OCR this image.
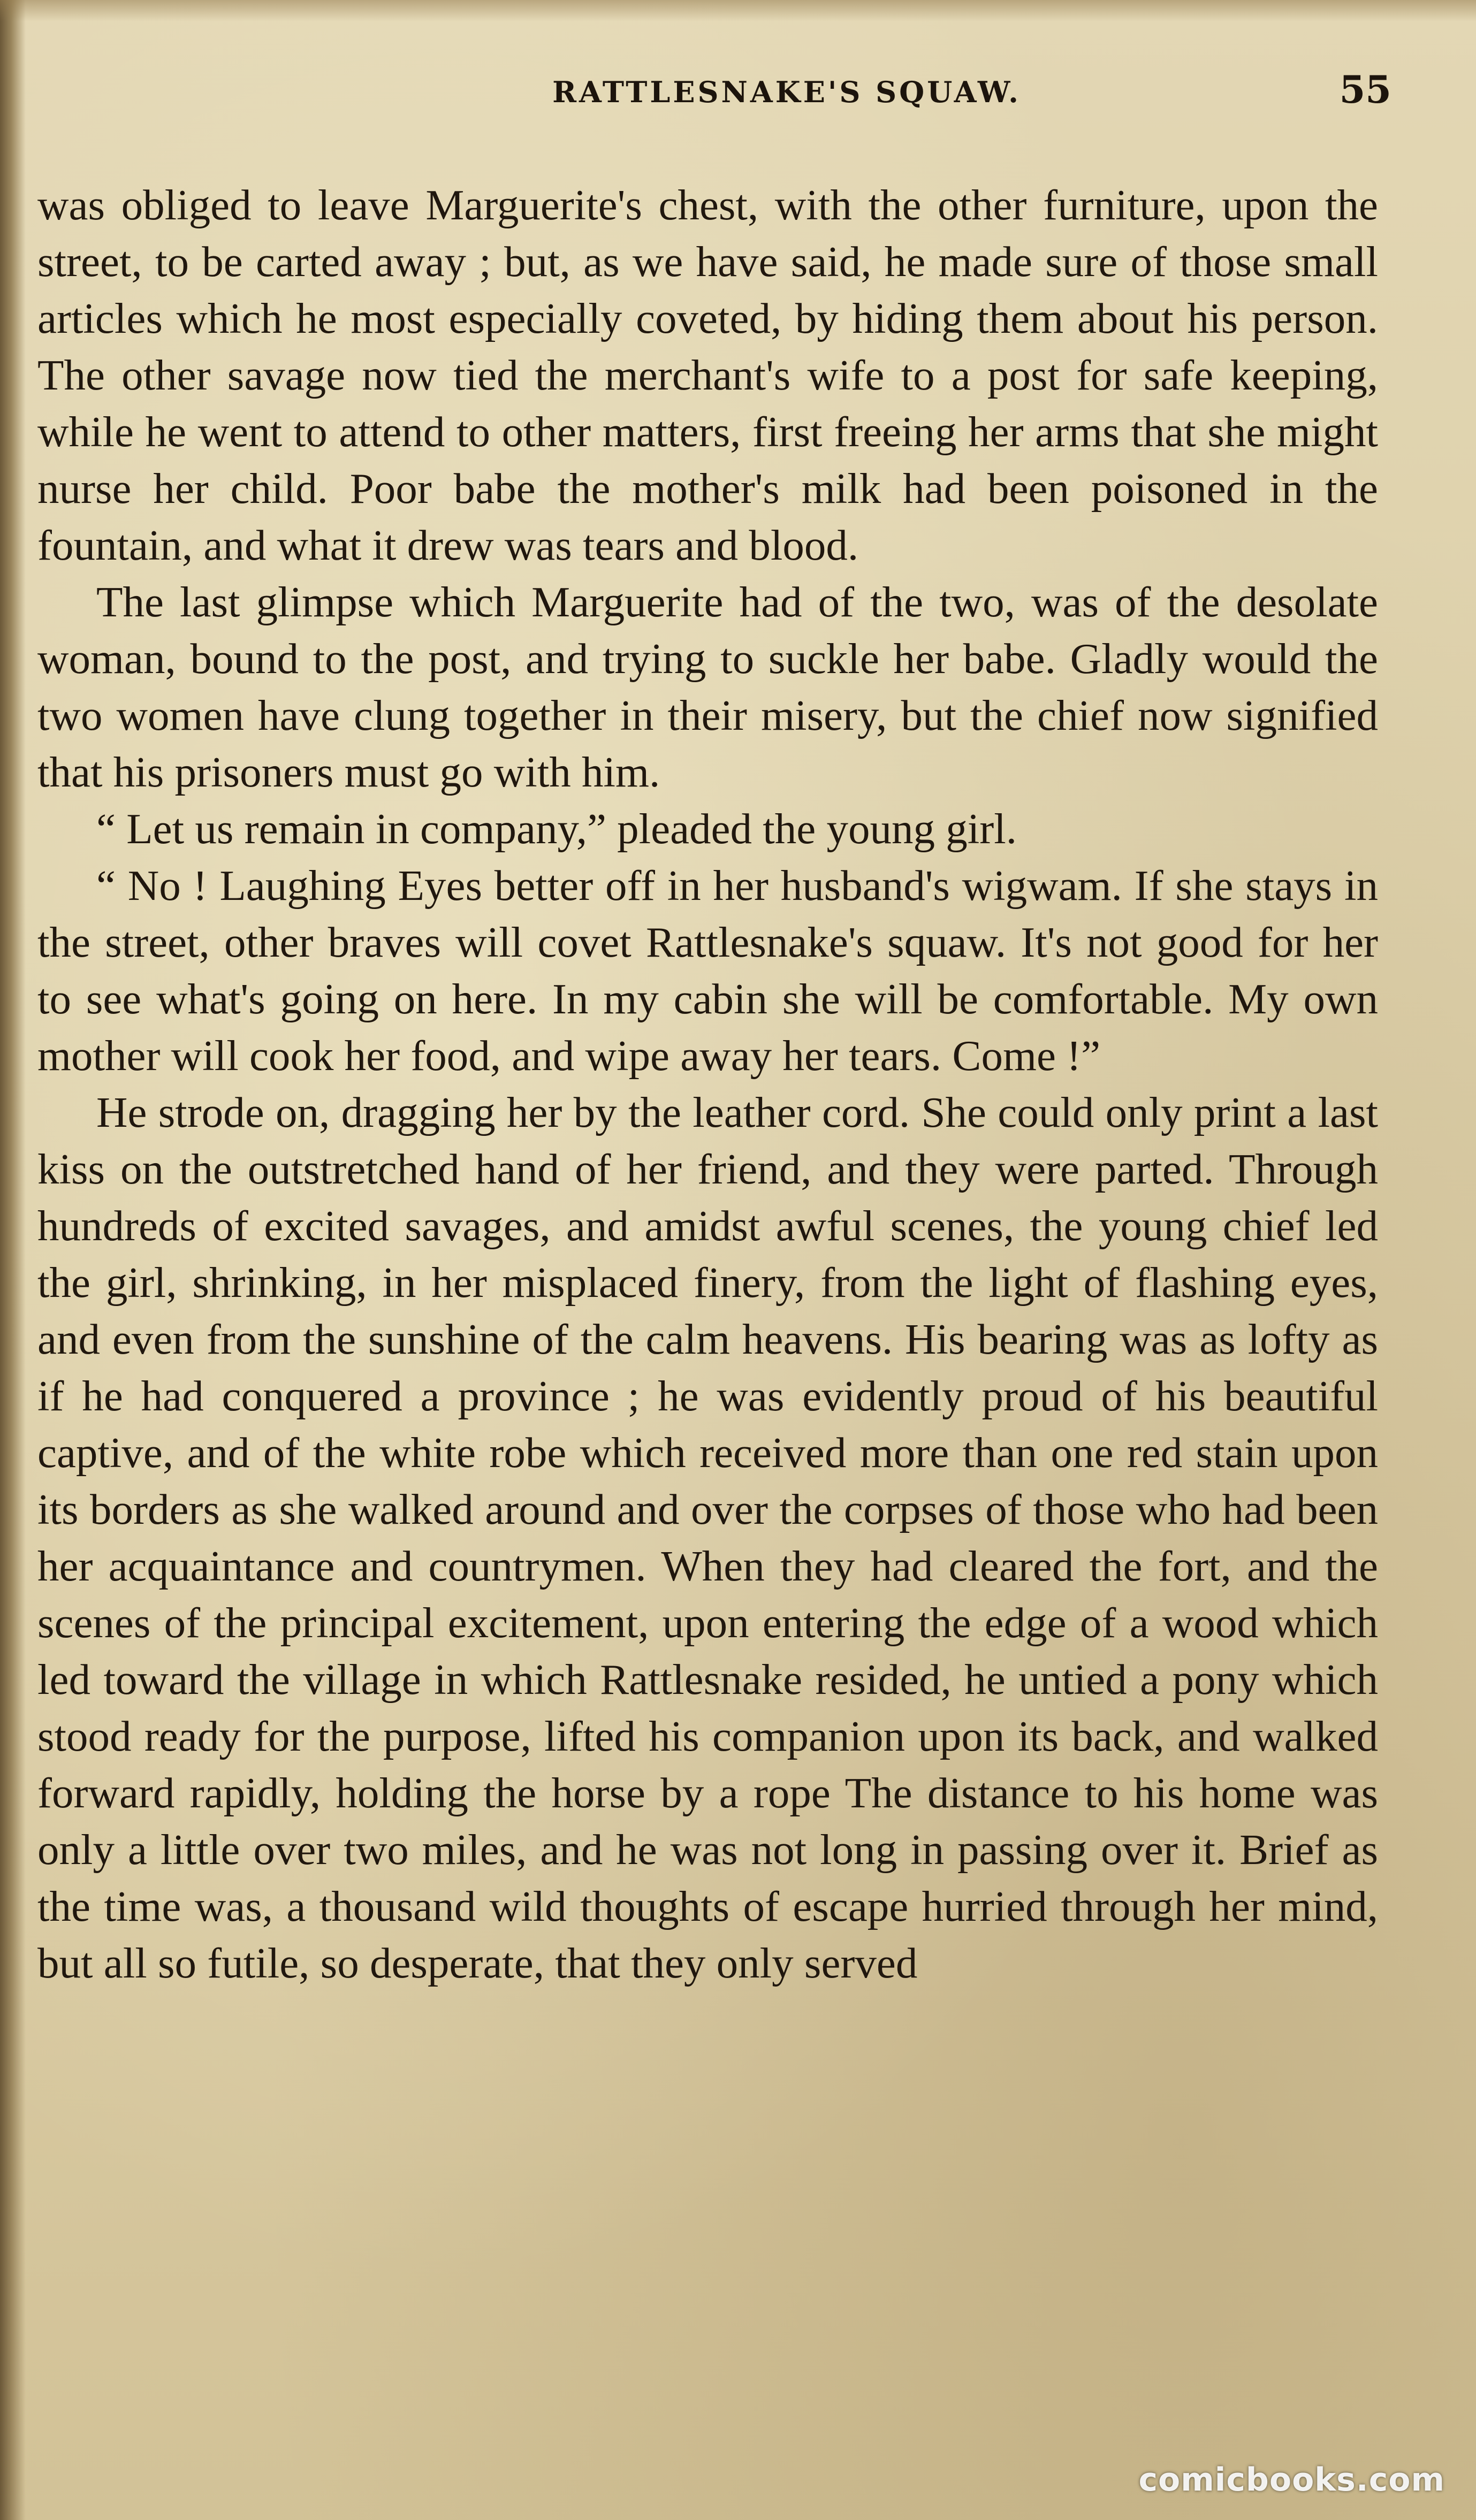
RATTLESNAKE'S SQUAW.	55

was obliged to leave Marguerite's chest, with the other furniture, upon the street, to be carted away ; but, as we have said, he made sure of those small articles which he most especially coveted, by hiding them about his person. The other savage now tied the merchant's wife to a post for safe keeping, while he went to attend to other matters, first freeing her arms that she might nurse her child. Poor babe the mother's milk had been poisoned in the fountain, and what it drew was tears and blood.

The last glimpse which Marguerite had of the two, was of the desolate woman, bound to the post, and trying to suckle her babe. Gladly would the two women have clung together in their misery, but the chief now signified that his prisoners must go with him.

“ Let us remain in company,” pleaded the young girl.

“ No ! Laughing Eyes better off in her husband's wigwam. If she stays in the street, other braves will covet Rattlesnake's squaw. It's not good for her to see what's going on here. In my cabin she will be comfortable. My own mother will cook her food, and wipe away her tears. Come !”

He strode on, dragging her by the leather cord. She could only print a last kiss on the outstretched hand of her friend, and they were parted. Through hundreds of excited savages, and amidst awful scenes, the young chief led the girl, shrinking, in her misplaced finery, from the light of flashing eyes, and even from the sunshine of the calm heavens. His bearing was as lofty as if he had conquered a province ; he was evidently proud of his beautiful captive, and of the white robe which received more than one red stain upon its borders as she walked around and over the corpses of those who had been her acquaintance and countrymen. When they had cleared the fort, and the scenes of the principal excitement, upon entering the edge of a wood which led toward the village in which Rattlesnake resided, he untied a pony which stood ready for the purpose, lifted his companion upon its back, and walked forward rapidly, holding the horse by a rope The distance to his home was only a little over two miles, and he was not long in passing over it. Brief as the time was, a thousand wild thoughts of escape hurried through her mind, but all so futile, so desperate, that they only served

comicbooks.com
